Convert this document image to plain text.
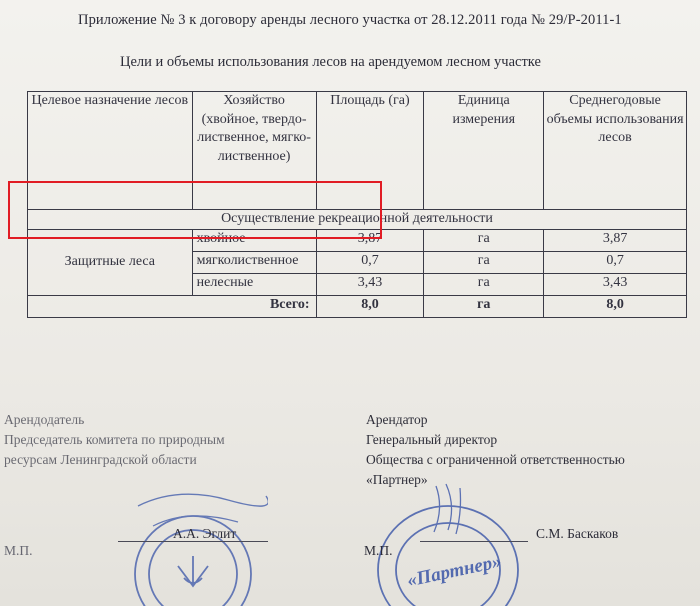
Приложение № 3 к договору аренды лесного участка от 28.12.2011 года № 29/Р-2011-1
Цели и объемы использования лесов на арендуемом лесном участке
Целевое назначение лесов	Хозяйство (хвойное, твердо-лиственное, мягко-лиственное)	Площадь (га)	Единица измерения	Среднегодовые объемы использования лесов
Осуществление рекреационной деятельности				
Защитные леса	хвойное	3,87	га	3,87
	мягколиственное	0,7	га	0,7
	нелесные	3,43	га	3,43
Всего:		8,0	га	8,0
Арендодатель
Председатель комитета по природным
ресурсам Ленинградской области
Арендатор
Генеральный директор
Общества с ограниченной ответственностью
«Партнер»
«Партнер»
А.А. Эглит	С.М. Баскаков
М.П.	М.П.
